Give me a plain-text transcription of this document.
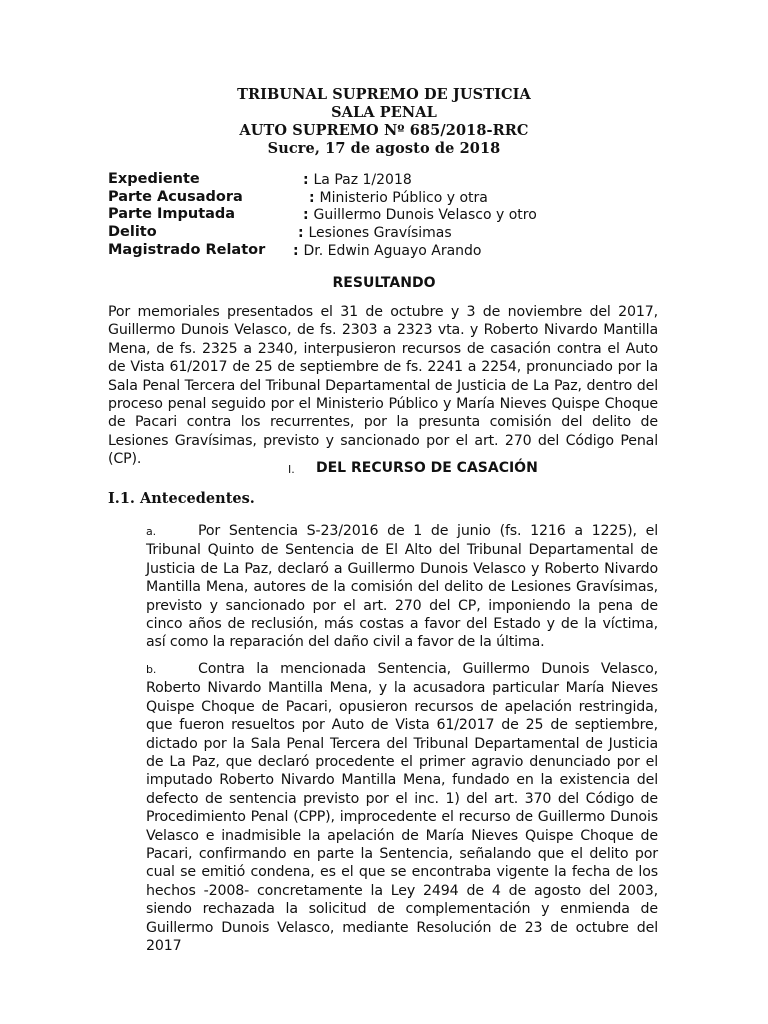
TRIBUNAL SUPREMO DE JUSTICIA
SALA PENAL
AUTO SUPREMO Nº 685/2018-RRC
Sucre, 17 de agosto de 2018
Expediente	: La Paz 1/2018
Parte Acusadora	: Ministerio Público y otra
Parte Imputada	: Guillermo Dunois Velasco y otro
Delito	: Lesiones Gravísimas
Magistrado Relator : Dr. Edwin Aguayo Arando
RESULTANDO
Por memoriales presentados el 31 de octubre y 3 de noviembre del 2017, Guillermo Dunois Velasco, de fs. 2303 a 2323 vta. y Roberto Nivardo Mantilla Mena, de fs. 2325 a 2340, interpusieron recursos de casación contra el Auto de Vista 61/2017 de 25 de septiembre de fs. 2241 a 2254, pronunciado por la Sala Penal Tercera del Tribunal Departamental de Justicia de La Paz, dentro del proceso penal seguido por el Ministerio Público y María Nieves Quispe Choque de Pacari contra los recurrentes, por la presunta comisión del delito de Lesiones Gravísimas, previsto y sancionado por el art. 270 del Código Penal (CP).
I. DEL RECURSO DE CASACIÓN
I.1. Antecedentes.
a.	Por Sentencia S-23/2016 de 1 de junio (fs. 1216 a 1225), el Tribunal Quinto de Sentencia de El Alto del Tribunal Departamental de Justicia de La Paz, declaró a Guillermo Dunois Velasco y Roberto Nivardo Mantilla Mena, autores de la comisión del delito de Lesiones Gravísimas, previsto y sancionado por el art. 270 del CP, imponiendo la pena de cinco años de reclusión, más costas a favor del Estado y de la víctima, así como la reparación del daño civil a favor de la última.
b.	Contra la mencionada Sentencia, Guillermo Dunois Velasco, Roberto Nivardo Mantilla Mena, y la acusadora particular María Nieves Quispe Choque de Pacari, opusieron recursos de apelación restringida, que fueron resueltos por Auto de Vista 61/2017 de 25 de septiembre, dictado por la Sala Penal Tercera del Tribunal Departamental de Justicia de La Paz, que declaró procedente el primer agravio denunciado por el imputado Roberto Nivardo Mantilla Mena, fundado en la existencia del defecto de sentencia previsto por el inc. 1) del art. 370 del Código de Procedimiento Penal (CPP), improcedente el recurso de Guillermo Dunois Velasco e inadmisible la apelación de María Nieves Quispe Choque de Pacari, confirmando en parte la Sentencia, señalando que el delito por cual se emitió condena, es el que se encontraba vigente la fecha de los hechos -2008- concretamente la Ley 2494 de 4 de agosto del 2003, siendo rechazada la solicitud de complementación y enmienda de Guillermo Dunois Velasco, mediante Resolución de 23 de octubre del 2017
